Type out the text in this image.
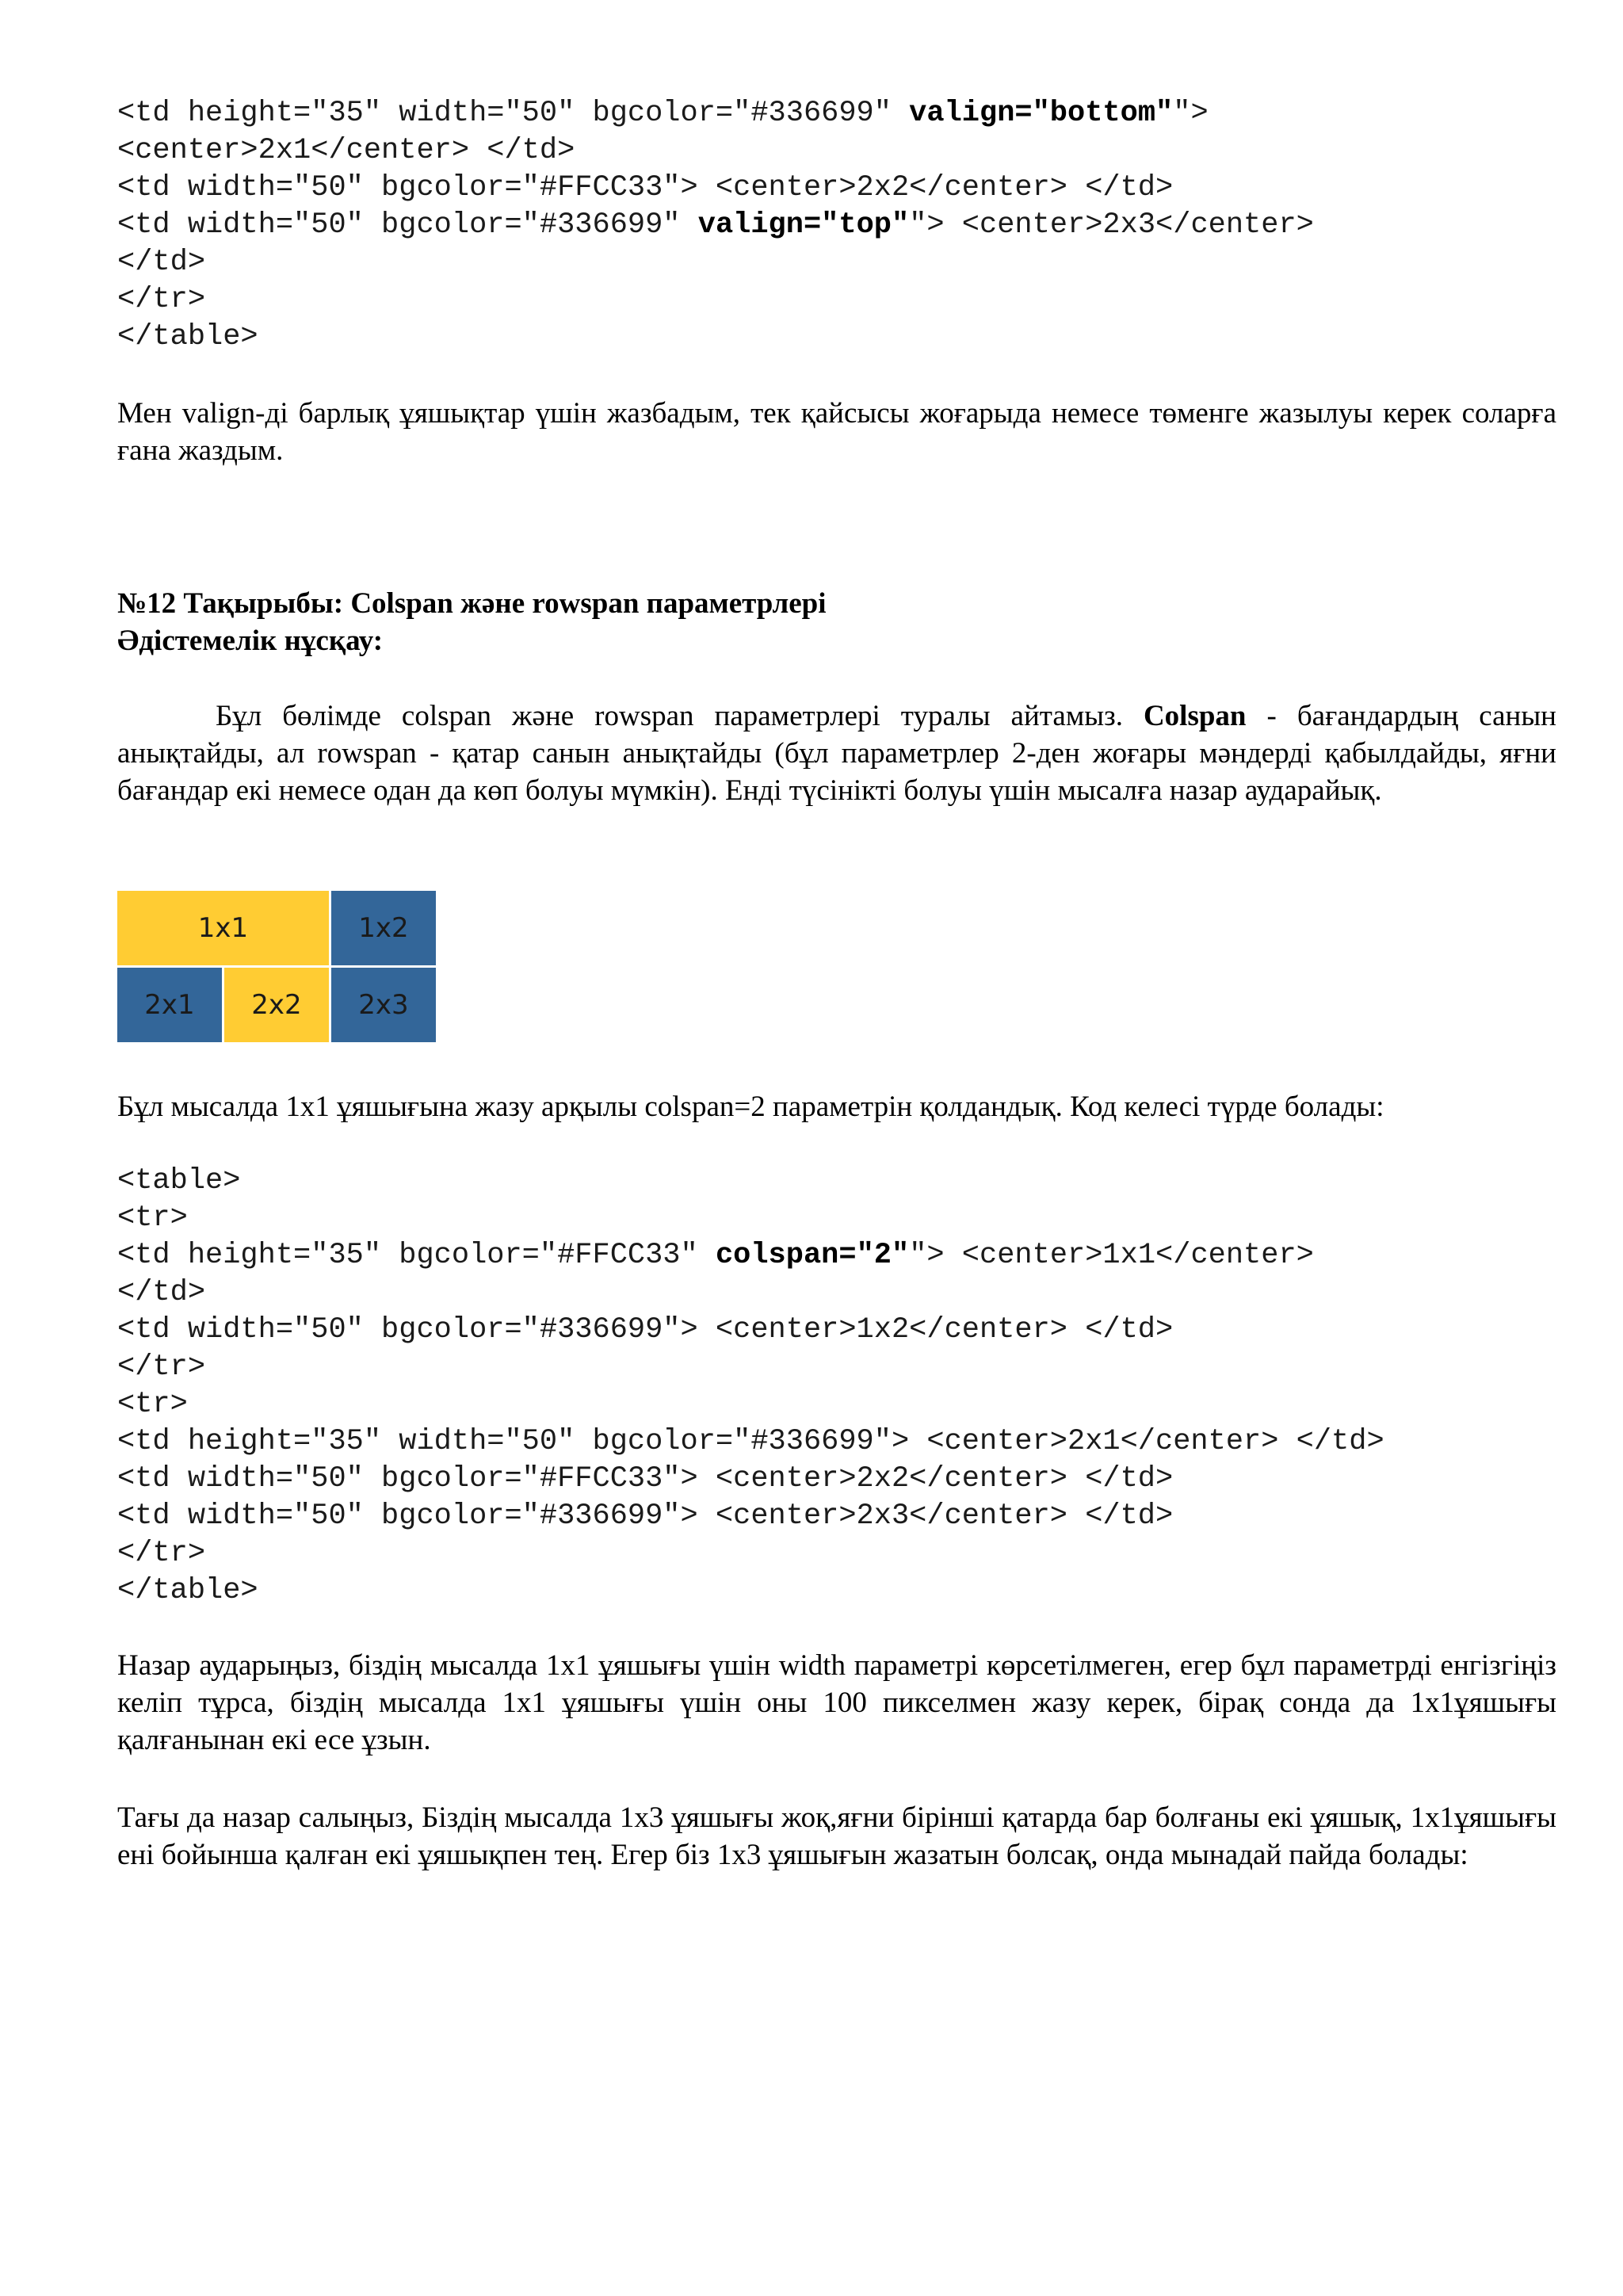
<td height="35" width="50" bgcolor="#336699" valign="bottom"">
<center>2x1</center> </td>
<td width="50" bgcolor="#FFCC33"> <center>2x2</center> </td>
<td width="50" bgcolor="#336699" valign="top""> <center>2x3</center>
</td>
</tr>
</table>

Мен valign-ді барлық ұяшықтар үшін жазбадым, тек қайсысы жоғарыда немесе төменге жазылуы керек соларға ғана жаздым.

№12 Тақырыбы: Colspan және rowspan параметрлері

Әдістемелік нұсқау:

Бұл бөлімде colspan және rowspan параметрлері туралы айтамыз. Colspan - бағандардың санын анықтайды, ал rowspan - қатар санын анықтайды (бұл параметрлер 2-ден жоғары мәндерді қабылдайды, яғни бағандар екі немесе одан да көп болуы мүмкін). Енді түсінікті болуы үшін мысалға назар аударайық.

1x1		1x2
2x1	2x2	2x3

Бұл мысалда 1x1 ұяшығына жазу арқылы colspan=2 параметрін қолдандық. Код келесі түрде болады:

<table>
<tr>
<td height="35" bgcolor="#FFCC33" colspan="2""> <center>1x1</center>
</td>
<td width="50" bgcolor="#336699"> <center>1x2</center> </td>
</tr>
<tr>
<td height="35" width="50" bgcolor="#336699"> <center>2x1</center> </td>
<td width="50" bgcolor="#FFCC33"> <center>2x2</center> </td>
<td width="50" bgcolor="#336699"> <center>2x3</center> </td>
</tr>
</table>

Назар аударыңыз, біздің мысалда 1x1 ұяшығы үшін width параметрі көрсетілмеген, егер бұл параметрді енгізгіңіз келіп тұрса, біздің мысалда 1x1 ұяшығы үшін оны 100 пикселмен жазу керек, бірақ сонда да 1x1ұяшығы қалғанынан екі есе ұзын.

Тағы да назар салыңыз, Біздің мысалда 1x3 ұяшығы жоқ,яғни бірінші қатарда бар болғаны екі ұяшық, 1x1ұяшығы ені бойынша қалған екі ұяшықпен тең. Егер біз 1x3 ұяшығын жазатын болсақ, онда мынадай пайда болады:
